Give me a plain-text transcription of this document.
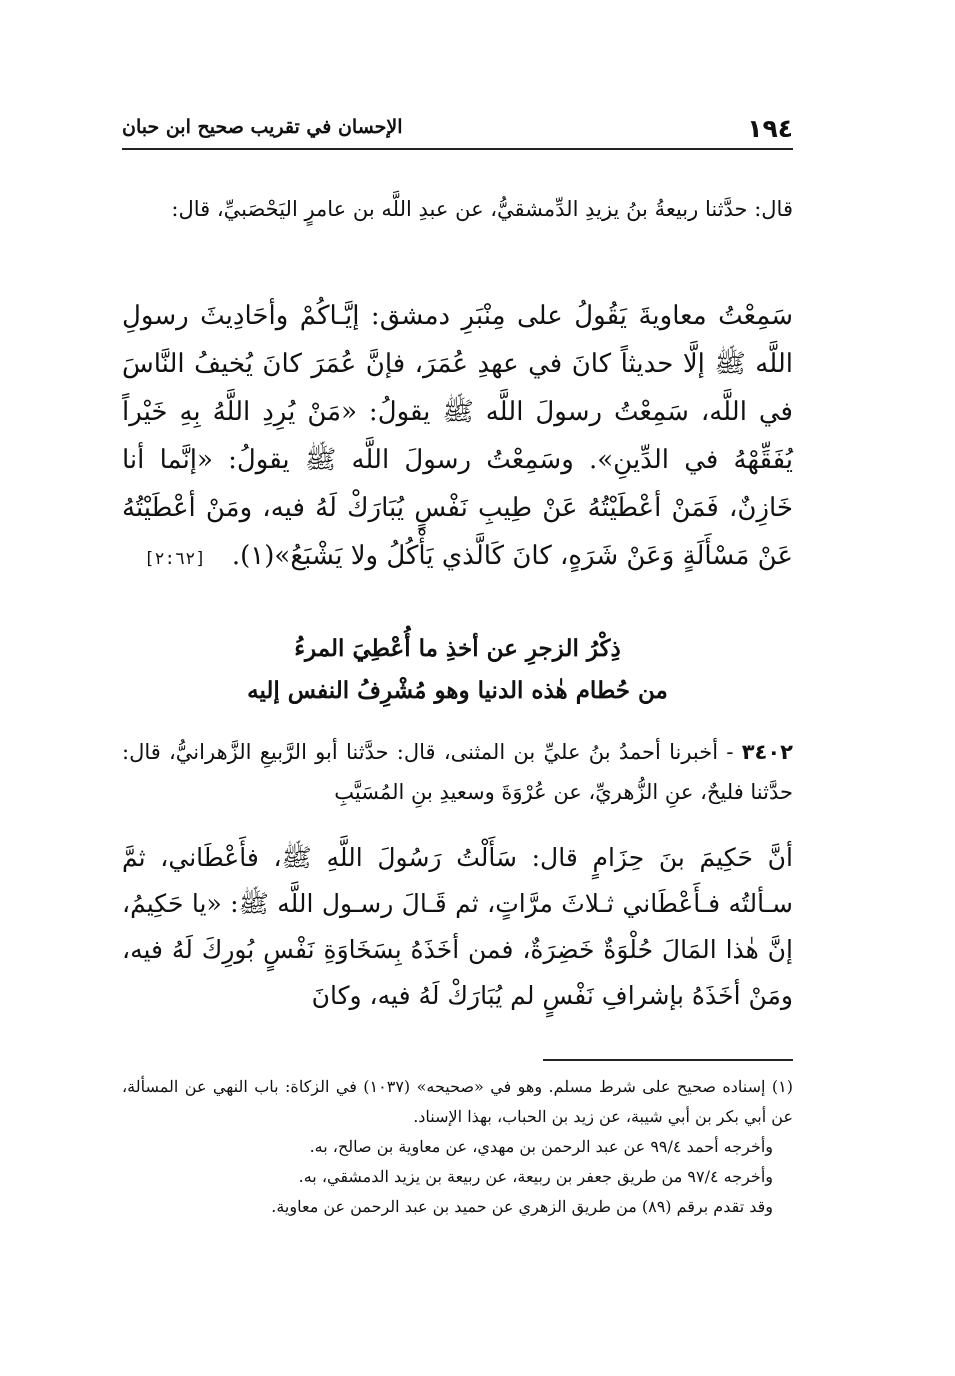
١٩٤
الإحسان في تقريب صحيح ابن حبان
قال: حدَّثنا ربيعةُ بنُ يزيدِ الدِّمشقيُّ، عن عبدِ اللَّه بن عامرٍ اليَحْصَبيِّ، قال:
سَمِعْتُ معاويةَ يَقُولُ على مِنْبَرِ دمشق: إيَّـاكُمْ وأحَادِيثَ رسولِ اللَّه ﷺ إلَّا حديثاً كانَ في عهدِ عُمَرَ، فإنَّ عُمَرَ كانَ يُخيفُ النَّاسَ في اللَّه، سَمِعْتُ رسولَ اللَّه ﷺ يقولُ: «مَنْ يُرِدِ اللَّهُ بِهِ خَيْراً يُفَقِّهْهُ في الدِّينِ». وسَمِعْتُ رسولَ اللَّه ﷺ يقولُ: «إنَّما أنا خَازِنٌ، فَمَنْ أعْطَيْتُهُ عَنْ طِيبِ نَفْسٍ يُبَارَكْ لَهُ فيه، ومَنْ أعْطَيْتُهُ عَنْ مَسْأَلَةٍ وَعَنْ شَرَهٍ، كانَ كَالَّذي يَأْكُلُ ولا يَشْبَعُ»(١). [٢:٦٢]
ذِكْرُ الزجرِ عن أخذِ ما أُعْطِيَ المرءُ
من حُطام هٰذه الدنيا وهو مُشْرِفُ النفس إليه
٣٤٠٢ - أخبرنا أحمدُ بنُ عليِّ بن المثنى، قال: حدَّثنا أبو الرَّبيعِ الزَّهرانيُّ، قال: حدَّثنا فليحٌ، عنِ الزُّهريِّ، عن عُرْوَةَ وسعيدِ بنِ المُسَيَّبِ
أنَّ حَكِيمَ بنَ حِزَامٍ قال: سَأَلْتُ رَسُولَ اللَّهِ ﷺ، فأَعْطَاني، ثمَّ سـألتُه فـأَعْطَاني ثـلاثَ مرَّاتٍ، ثم قَـالَ رسـول اللَّه ﷺ: «يا حَكِيمُ، إنَّ هٰذا المَالَ حُلْوَةٌ خَضِرَةٌ، فمن أخَذَهُ بِسَخَاوَةِ نَفْسٍ بُورِكَ لَهُ فيه، ومَنْ أخَذَهُ بإشرافِ نَفْسٍ لم يُبَارَكْ لَهُ فيه، وكانَ

(١) إسناده صحيح على شرط مسلم. وهو في «صحيحه» (١٠٣٧) في الزكاة: باب النهي عن المسألة، عن أبي بكر بن أبي شيبة، عن زيد بن الحباب، بهذا الإسناد.

وأخرجه أحمد ٩٩/٤ عن عبد الرحمن بن مهدي، عن معاوية بن صالح، به.

وأخرجه ٩٧/٤ من طريق جعفر بن ربيعة، عن ربيعة بن يزيد الدمشقي، به.

وقد تقدم برقم (٨٩) من طريق الزهري عن حميد بن عبد الرحمن عن معاوية.
